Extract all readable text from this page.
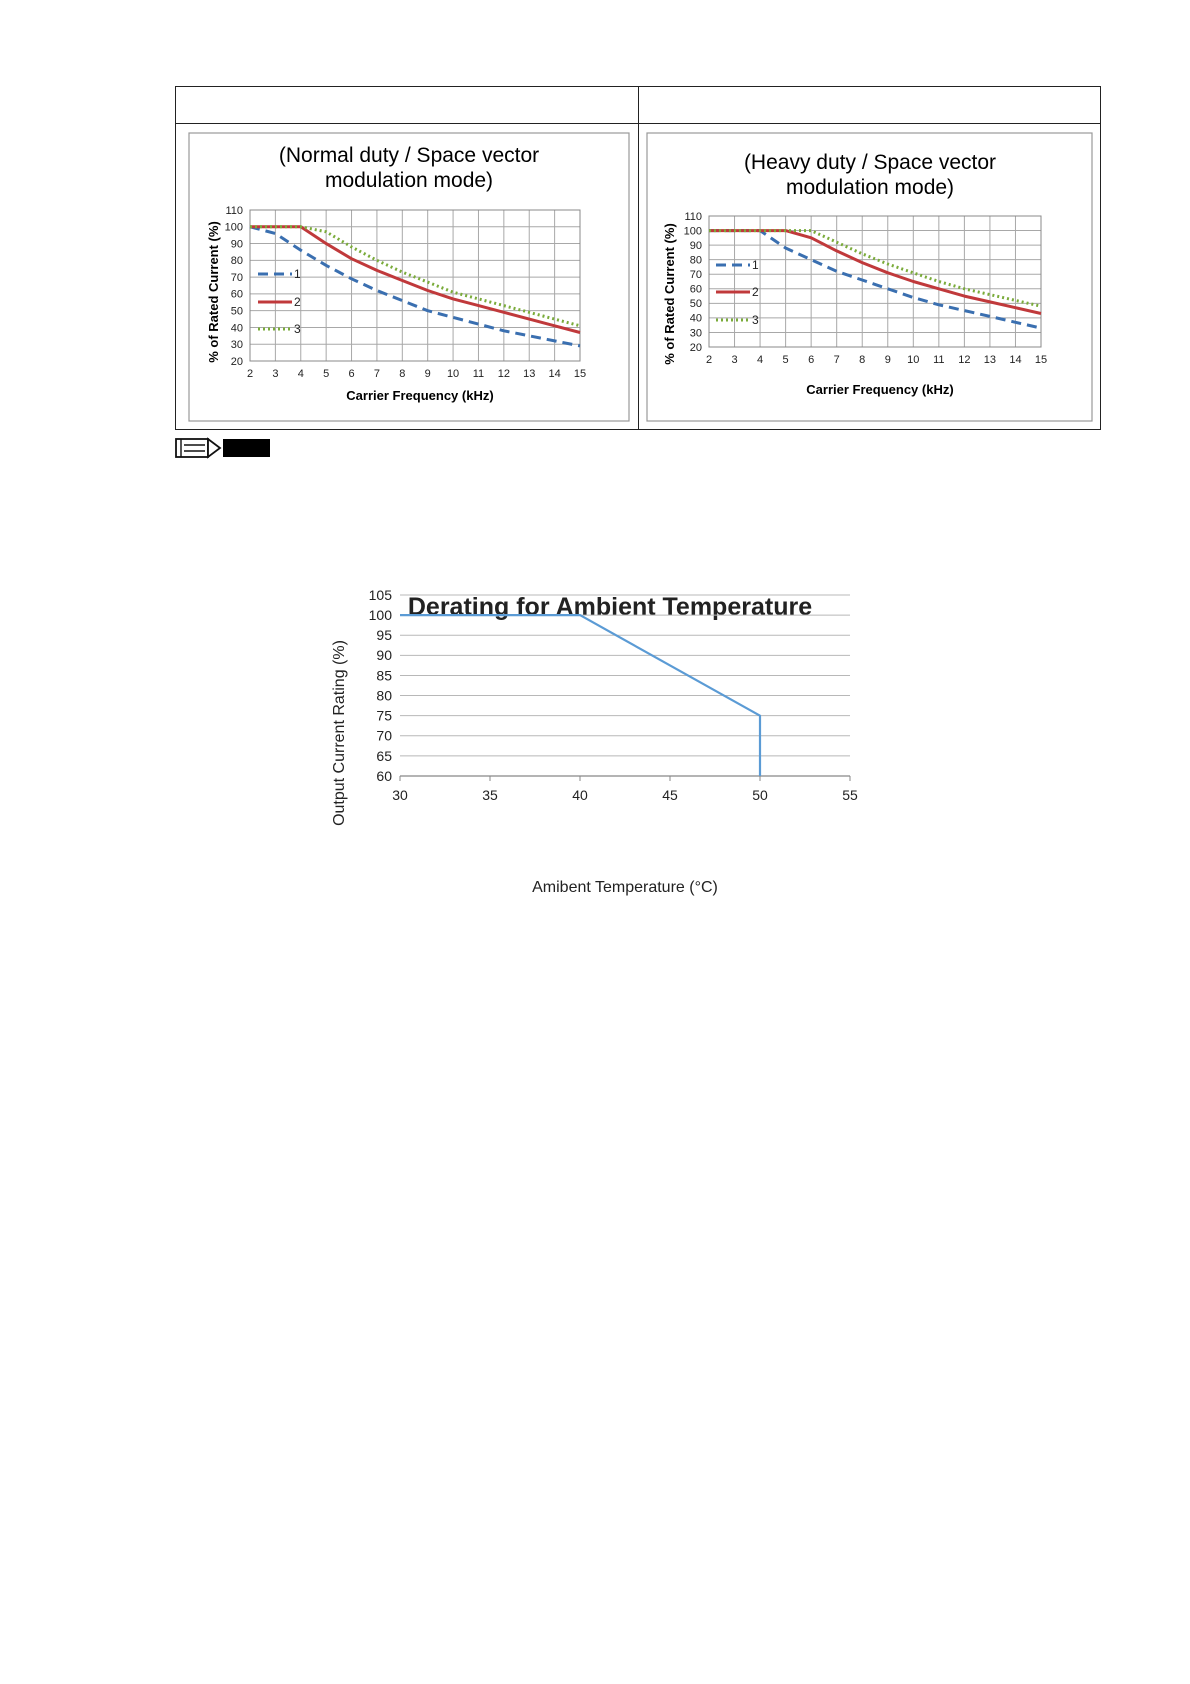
(Normal duty / Space vector
modulation mode)
20
30
40
50
60
70
80
90
100
110
2 3 4 5 6 7 8 9 10 11 12 13 14 15
1
2
3
Carrier Frequency (kHz)
% of Rated Current (%)
(Heavy duty / Space vector
modulation mode)
20
30
40
50
60
70
80
90
100
110
2 3 4 5 6 7 8 9 10 11 12 13 14 15
1
2
3
Carrier Frequency (kHz)
% of Rated Current (%)
Derating for Ambient Temperature
60
65
70
75
80
85
90
95
100
105
30	35	40	45	50	55
Amibent Temperature (°C)
Output Current Rating (%)
